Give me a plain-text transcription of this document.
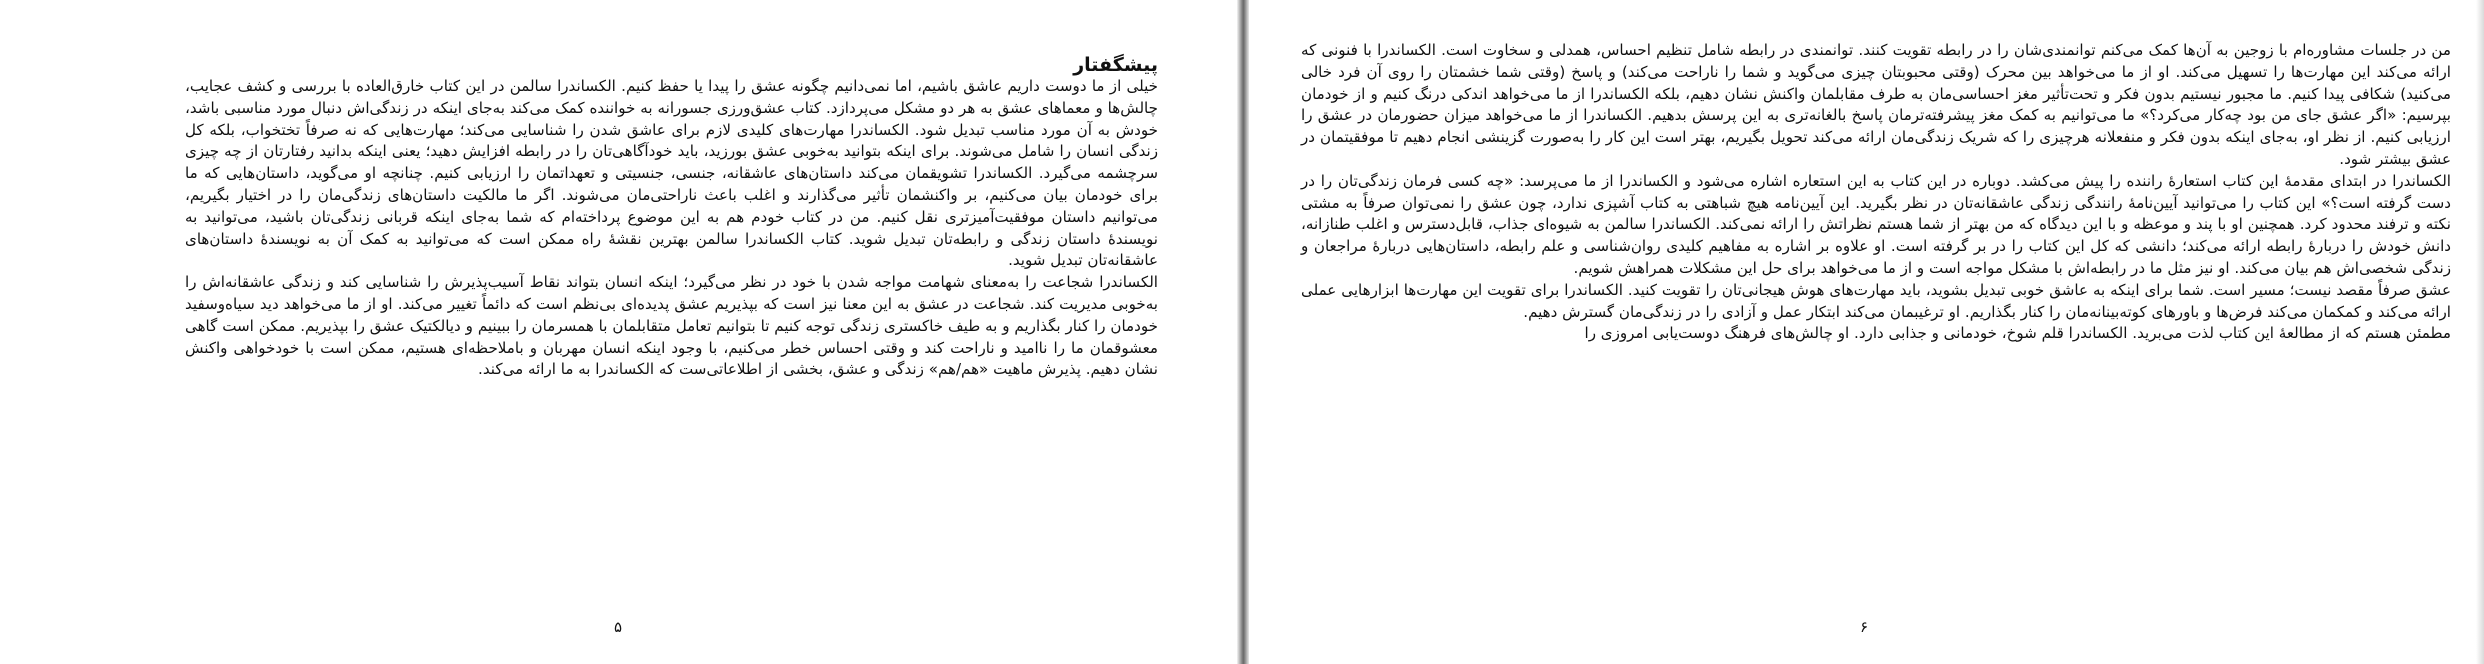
پیشگفتار

خیلی از ما دوست داریم عاشق باشیم، اما نمی‌دانیم چگونه عشق را پیدا یا حفظ کنیم. الکساندرا سالمن در این کتاب خارق‌العاده با بررسی و کشف عجایب، چالش‌ها و معماهای عشق به هر دو مشکل می‌پردازد. کتاب عشق‌ورزی جسورانه به خواننده کمک می‌کند به‌جای اینکه در زندگی‌اش دنبال مورد مناسبی باشد، خودش به آن مورد مناسب تبدیل شود. الکساندرا مهارت‌های کلیدی لازم برای عاشق شدن را شناسایی می‌کند؛ مهارت‌هایی که نه صرفاً تختخواب، بلکه کل زندگی انسان را شامل می‌شوند. برای اینکه بتوانید به‌خوبی عشق بورزید، باید خودآگاهی‌تان را در رابطه افزایش دهید؛ یعنی اینکه بدانید رفتارتان از چه چیزی سرچشمه می‌گیرد. الکساندرا تشویقمان می‌کند داستان‌های عاشقانه، جنسی، جنسیتی و تعهداتمان را ارزیابی کنیم. چنانچه او می‌گوید، داستان‌هایی که ما برای خودمان بیان می‌کنیم، بر واکنشمان تأثیر می‌گذارند و اغلب باعث ناراحتی‌مان می‌شوند. اگر ما مالکیت داستان‌های زندگی‌مان را در اختیار بگیریم، می‌توانیم داستان موفقیت‌آمیزتری نقل کنیم. من در کتاب خودم هم به این موضوع پرداخته‌ام که شما به‌جای اینکه قربانی زندگی‌تان باشید، می‌توانید به نویسندهٔ داستان زندگی و رابطه‌تان تبدیل شوید. کتاب الکساندرا سالمن بهترین نقشهٔ راه ممکن است که می‌توانید به کمک آن به نویسندهٔ داستان‌های عاشقانه‌تان تبدیل شوید.

الکساندرا شجاعت را به‌معنای شهامت مواجه شدن با خود در نظر می‌گیرد؛ اینکه انسان بتواند نقاط آسیب‌پذیرش را شناسایی کند و زندگی عاشقانه‌اش را به‌خوبی مدیریت کند. شجاعت در عشق به این معنا نیز است که بپذیریم عشق پدیده‌ای بی‌نظم است که دائماً تغییر می‌کند. او از ما می‌خواهد دید سیاه‌وسفید خودمان را کنار بگذاریم و به طیف خاکستری زندگی توجه کنیم تا بتوانیم تعامل متقابلمان با همسرمان را ببینیم و دیالکتیک عشق را بپذیریم. ممکن است گاهی معشوقمان ما را ناامید و ناراحت کند و وقتی احساس خطر می‌کنیم، با وجود اینکه انسان مهربان و باملاحظه‌ای هستیم، ممکن است با خودخواهی واکنش نشان دهیم. پذیرش ماهیت «هم/هم» زندگی و عشق، بخشی از اطلاعاتی‌ست که الکساندرا به ما ارائه می‌کند.

۵

من در جلسات مشاوره‌ام با زوجین به آن‌ها کمک می‌کنم توانمندی‌شان را در رابطه تقویت کنند. توانمندی در رابطه شامل تنظیم احساس، همدلی و سخاوت است. الکساندرا با فنونی که ارائه می‌کند این مهارت‌ها را تسهیل می‌کند. او از ما می‌خواهد بین محرک (وقتی محبوبتان چیزی می‌گوید و شما را ناراحت می‌کند) و پاسخ (وقتی شما خشمتان را روی آن فرد خالی می‌کنید) شکافی پیدا کنیم. ما مجبور نیستیم بدون فکر و تحت‌تأثیر مغز احساسی‌مان به طرف مقابلمان واکنش نشان دهیم، بلکه الکساندرا از ما می‌خواهد اندکی درنگ کنیم و از خودمان بپرسیم: «اگر عشق جای من بود چه‌کار می‌کرد؟» ما می‌توانیم به کمک مغز پیشرفته‌ترمان پاسخ بالغانه‌تری به این پرسش بدهیم. الکساندرا از ما می‌خواهد میزان حضورمان در عشق را ارزیابی کنیم. از نظر او، به‌جای اینکه بدون فکر و منفعلانه هرچیزی را که شریک زندگی‌مان ارائه می‌کند تحویل بگیریم، بهتر است این کار را به‌صورت گزینشی انجام دهیم تا موفقیتمان در عشق بیشتر شود.

الکساندرا در ابتدای مقدمهٔ این کتاب استعارهٔ راننده را پیش می‌کشد. دوباره در این کتاب به این استعاره اشاره می‌شود و الکساندرا از ما می‌پرسد: «چه کسی فرمان زندگی‌تان را در دست گرفته است؟» این کتاب را می‌توانید آیین‌نامهٔ رانندگی زندگی عاشقانه‌تان در نظر بگیرید. این آیین‌نامه هیچ شباهتی به کتاب آشپزی ندارد، چون عشق را نمی‌توان صرفاً به مشتی نکته و ترفند محدود کرد. همچنین او با پند و موعظه و با این دیدگاه که من بهتر از شما هستم نظراتش را ارائه نمی‌کند. الکساندرا سالمن به شیوه‌ای جذاب، قابل‌دسترس و اغلب طنازانه، دانش خودش را دربارهٔ رابطه ارائه می‌کند؛ دانشی که کل این کتاب را در بر گرفته است. او علاوه بر اشاره به مفاهیم کلیدی روان‌شناسی و علم رابطه، داستان‌هایی دربارهٔ مراجعان و زندگی شخصی‌اش هم بیان می‌کند. او نیز مثل ما در رابطه‌اش با مشکل مواجه است و از ما می‌خواهد برای حل این مشکلات همراهش شویم.

عشق صرفاً مقصد نیست؛ مسیر است. شما برای اینکه به عاشق خوبی تبدیل بشوید، باید مهارت‌های هوش هیجانی‌تان را تقویت کنید. الکساندرا برای تقویت این مهارت‌ها ابزارهایی عملی ارائه می‌کند و کمکمان می‌کند فرض‌ها و باورهای کوته‌بینانه‌مان را کنار بگذاریم. او ترغیبمان می‌کند ابتکار عمل و آزادی را در زندگی‌مان گسترش دهیم.

مطمئن هستم که از مطالعهٔ این کتاب لذت می‌برید. الکساندرا قلم شوخ، خودمانی و جذابی دارد. او چالش‌های فرهنگ دوست‌یابی امروزی را

۶
